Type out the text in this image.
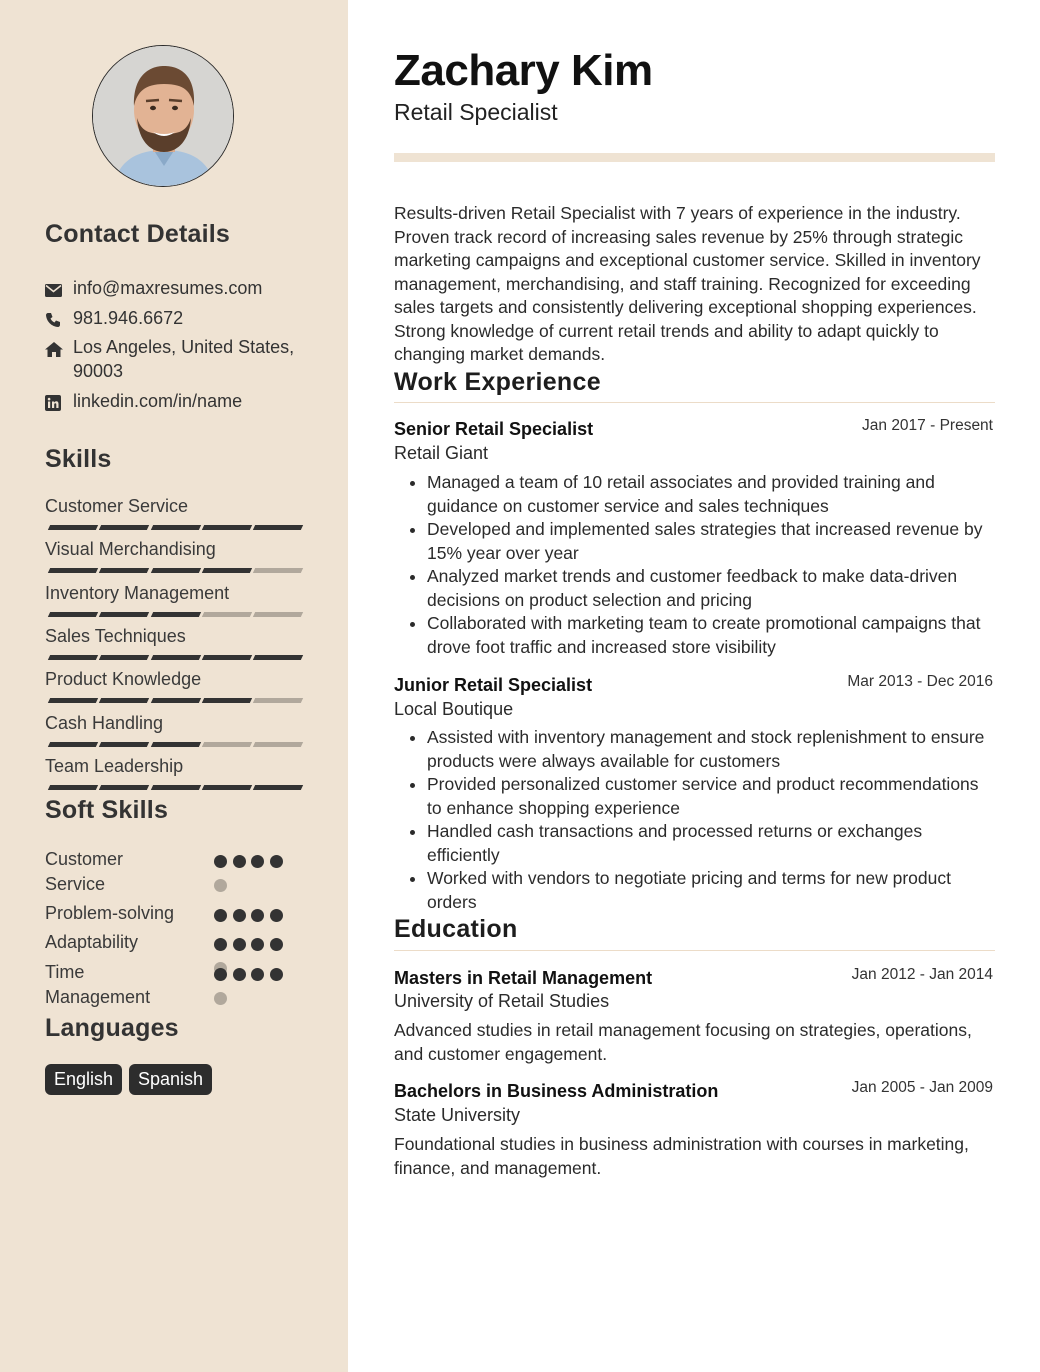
Contact Details
info@maxresumes.com
981.946.6672
Los Angeles, United States, 90003
linkedin.com/in/name
Skills
Customer Service
Visual Merchandising
Inventory Management
Sales Techniques
Product Knowledge
Cash Handling
Team Leadership
Soft Skills
Customer Service
Problem-solving
Adaptability
Time Management
Languages
English	Spanish
Zachary Kim
Retail Specialist

Results-driven Retail Specialist with 7 years of experience in the industry. Proven track record of increasing sales revenue by 25% through strategic marketing campaigns and exceptional customer service. Skilled in inventory management, merchandising, and staff training. Recognized for exceeding sales targets and consistently delivering exceptional shopping experiences. Strong knowledge of current retail trends and ability to adapt quickly to changing market demands.

Work Experience
Senior Retail Specialist	Jan 2017 - Present
Retail Giant
• Managed a team of 10 retail associates and provided training and guidance on customer service and sales techniques
• Developed and implemented sales strategies that increased revenue by 15% year over year
• Analyzed market trends and customer feedback to make data-driven decisions on product selection and pricing
• Collaborated with marketing team to create promotional campaigns that drove foot traffic and increased store visibility
Junior Retail Specialist	Mar 2013 - Dec 2016
Local Boutique
• Assisted with inventory management and stock replenishment to ensure products were always available for customers
• Provided personalized customer service and product recommendations to enhance shopping experience
• Handled cash transactions and processed returns or exchanges efficiently
• Worked with vendors to negotiate pricing and terms for new product orders
Education
Masters in Retail Management	Jan 2012 - Jan 2014
University of Retail Studies

Advanced studies in retail management focusing on strategies, operations, and customer engagement.

Bachelors in Business Administration	Jan 2005 - Jan 2009
State University

Foundational studies in business administration with courses in marketing, finance, and management.
